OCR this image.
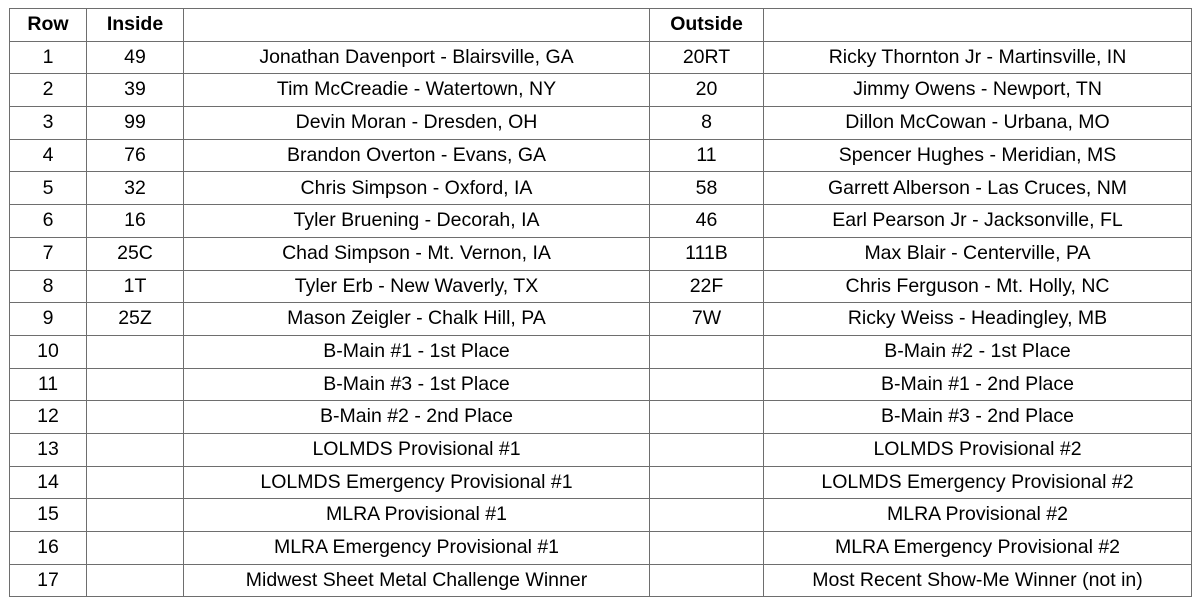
Row	Inside		Outside	
1	49	Jonathan Davenport - Blairsville, GA	20RT	Ricky Thornton Jr - Martinsville, IN
2	39	Tim McCreadie - Watertown, NY	20	Jimmy Owens - Newport, TN
3	99	Devin Moran - Dresden, OH	8	Dillon McCowan - Urbana, MO
4	76	Brandon Overton - Evans, GA	11	Spencer Hughes - Meridian, MS
5	32	Chris Simpson - Oxford, IA	58	Garrett Alberson - Las Cruces, NM
6	16	Tyler Bruening - Decorah, IA	46	Earl Pearson Jr - Jacksonville, FL
7	25C	Chad Simpson - Mt. Vernon, IA	111B	Max Blair - Centerville, PA
8	1T	Tyler Erb - New Waverly, TX	22F	Chris Ferguson - Mt. Holly, NC
9	25Z	Mason Zeigler - Chalk Hill, PA	7W	Ricky Weiss - Headingley, MB
10		B-Main #1 - 1st Place		B-Main #2 - 1st Place
11		B-Main #3 - 1st Place		B-Main #1 - 2nd Place
12		B-Main #2 - 2nd Place		B-Main #3 - 2nd Place
13		LOLMDS Provisional #1		LOLMDS Provisional #2
14		LOLMDS Emergency Provisional #1		LOLMDS Emergency Provisional #2
15		MLRA Provisional #1		MLRA Provisional #2
16		MLRA Emergency Provisional #1		MLRA Emergency Provisional #2
17		Midwest Sheet Metal Challenge Winner		Most Recent Show-Me Winner (not in)
